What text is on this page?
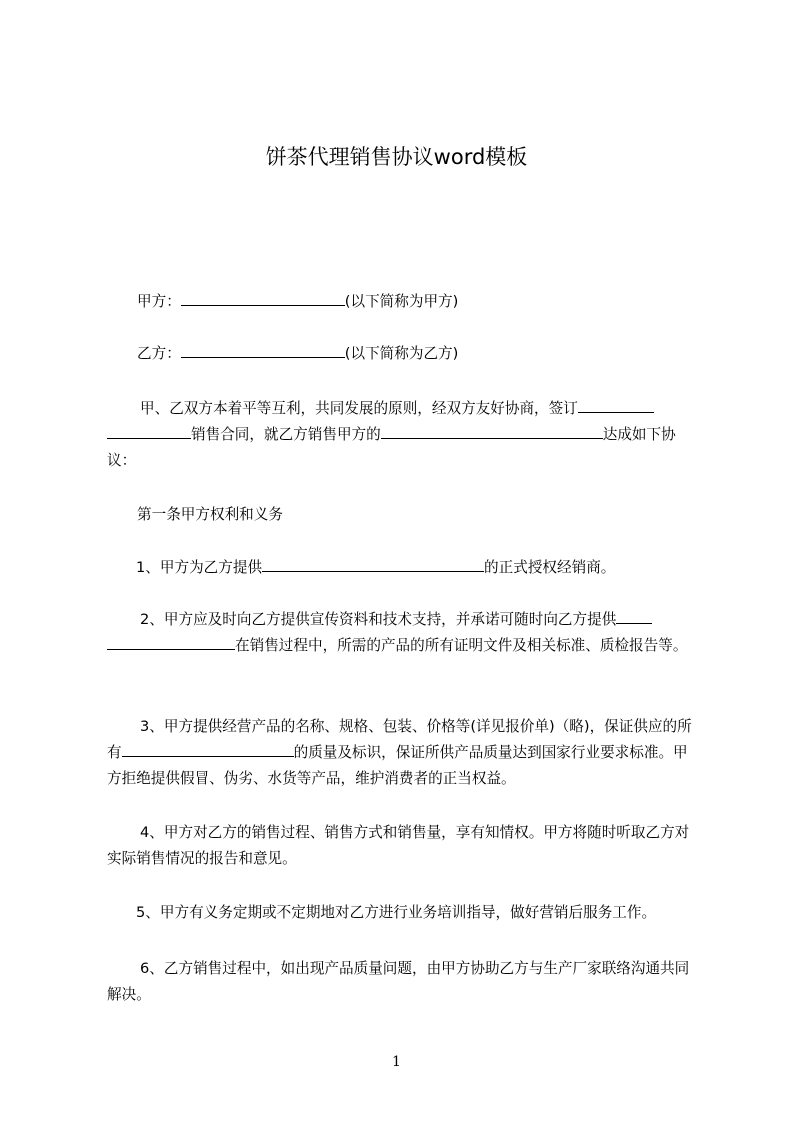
饼茶代理销售协议word模板

甲方：	(以下简称为甲方)

乙方：	(以下简称为乙方)

甲、乙双方本着平等互利，共同发展的原则，经双方友好协商，签订销售合同，就乙方销售甲方的	达成如下协议：

第一条甲方权利和义务

1、甲方为乙方提供	的正式授权经销商。

2、甲方应及时向乙方提供宣传资料和技术支持，并承诺可随时向乙方提供在销售过程中，所需的产品的所有证明文件及相关标准、质检报告等。

3、甲方提供经营产品的名称、规格、包装、价格等(详见报价单)（略)，保证供应的所有	的质量及标识，保证所供产品质量达到国家行业要求标准。甲方拒绝提供假冒、伪劣、水货等产品，维护消费者的正当权益。

4、甲方对乙方的销售过程、销售方式和销售量，享有知情权。甲方将随时听取乙方对实际销售情况的报告和意见。

5、甲方有义务定期或不定期地对乙方进行业务培训指导，做好营销后服务工作。

6、乙方销售过程中，如出现产品质量问题，由甲方协助乙方与生产厂家联络沟通共同解决。

1
